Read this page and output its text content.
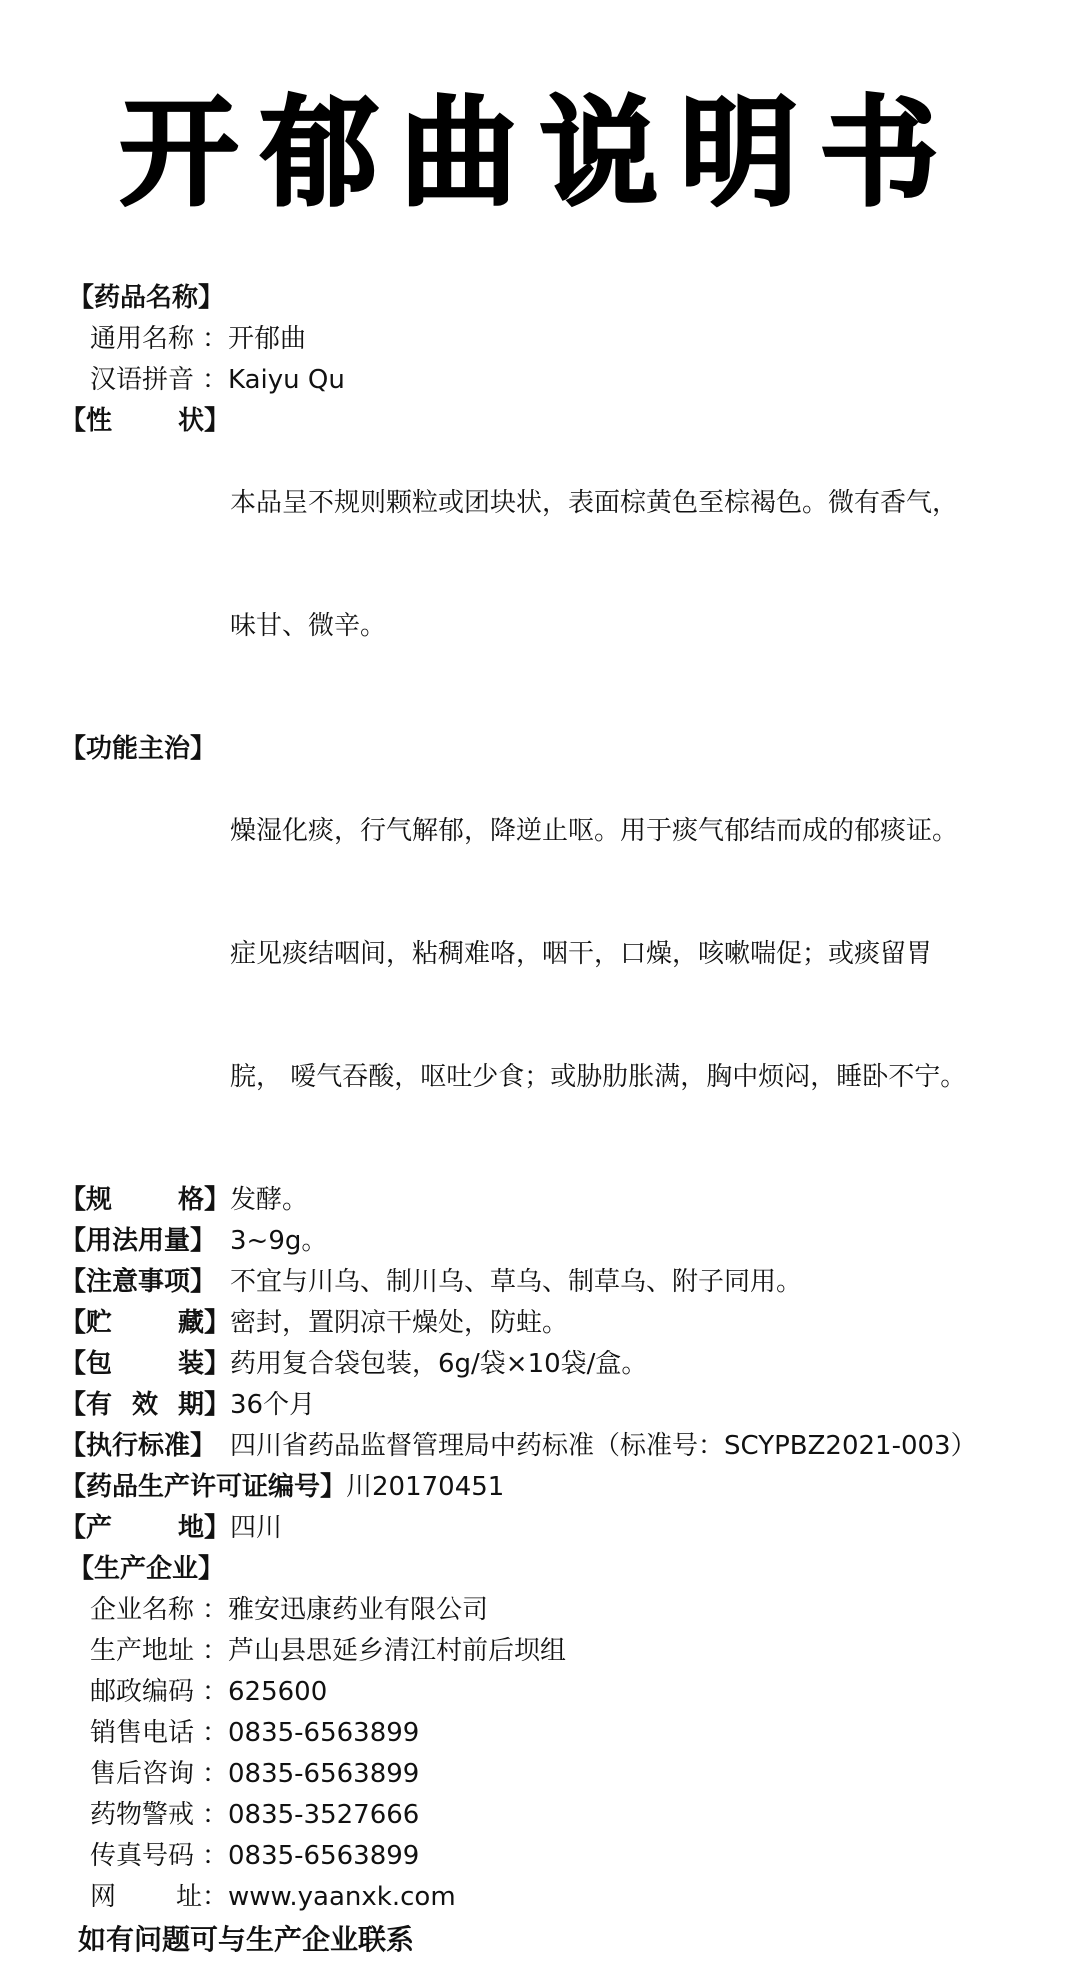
开郁曲说明书
【药品名称】
通用名称 ： 开郁曲
汉语拼音 ： Kaiyu Qu
【性	状】

本品呈不规则颗粒或团块状，表面棕黄色至棕褐色。微有香气，

味甘、微辛。

【功能主治】

燥湿化痰，行气解郁，降逆止呕。用于痰气郁结而成的郁痰证。

症见痰结咽间，粘稠难咯，咽干，口燥，咳嗽喘促；或痰留胃

脘， 嗳气吞酸，呕吐少食；或胁肋胀满，胸中烦闷，睡卧不宁。

【规	格】 发酵。
【用法用量】 3~9g。
【注意事项】 不宜与川乌、制川乌、草乌、制草乌、附子同用。
【贮	藏】 密封，置阴凉干燥处，防蛀。
【包	装】 药用复合袋包装，6g/袋×10袋/盒。
【有 效 期】 36个月
【执行标准】 四川省药品监督管理局中药标准（标准号：SCYPBZ2021-003）
【药品生产许可证编号】 川20170451
【产	地】 四川
【生产企业】
企业名称 ： 雅安迅康药业有限公司
生产地址 ： 芦山县思延乡清江村前后坝组
邮政编码 ： 625600
销售电话 ： 0835-6563899
售后咨询 ： 0835-6563899
药物警戒 ： 0835-3527666
传真号码 ： 0835-6563899
网 址： www.yaanxk.com
如有问题可与生产企业联系
